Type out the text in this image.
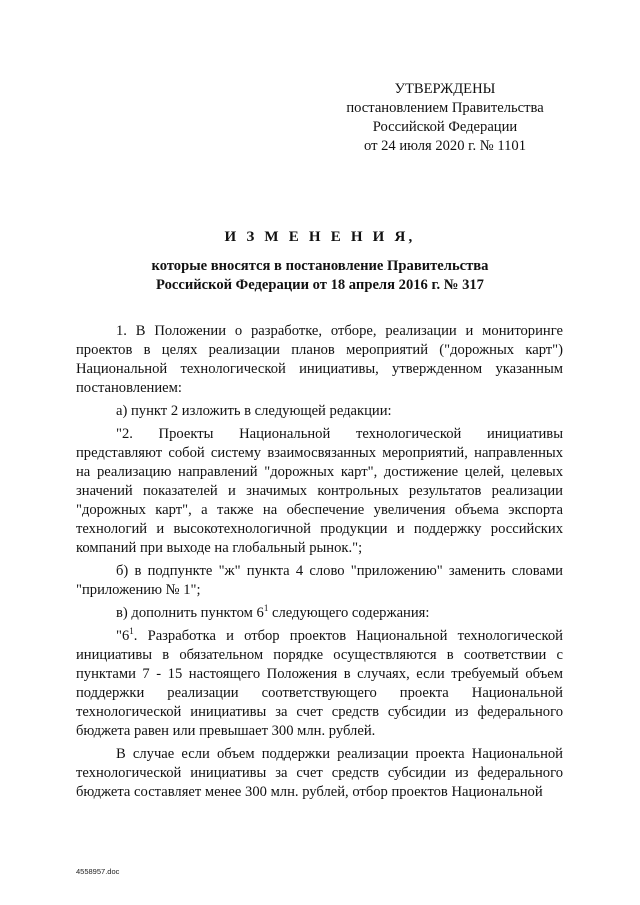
УТВЕРЖДЕНЫ
постановлением Правительства
Российской Федерации
от 24 июля 2020 г. № 1101
И З М Е Н Е Н И Я,
которые вносятся в постановление Правительства
Российской Федерации от 18 апреля 2016 г. № 317

1. В Положении о разработке, отборе, реализации и мониторинге проектов в целях реализации планов мероприятий ("дорожных карт") Национальной технологической инициативы, утвержденном указанным постановлением:

а) пункт 2 изложить в следующей редакции:

"2. Проекты Национальной технологической инициативы представляют собой систему взаимосвязанных мероприятий, направленных на реализацию направлений "дорожных карт", достижение целей, целевых значений показателей и значимых контрольных результатов реализации "дорожных карт", а также на обеспечение увеличения объема экспорта технологий и высокотехнологичной продукции и поддержку российских компаний при выходе на глобальный рынок.";

б) в подпункте "ж" пункта 4 слово "приложению" заменить словами "приложению № 1";

в) дополнить пунктом $6^1$ следующего содержания:

"$6^1$. Разработка и отбор проектов Национальной технологической инициативы в обязательном порядке осуществляются в соответствии с пунктами 7 - 15 настоящего Положения в случаях, если требуемый объем поддержки реализации соответствующего проекта Национальной технологической инициативы за счет средств субсидии из федерального бюджета равен или превышает 300 млн. рублей.

В случае если объем поддержки реализации проекта Национальной технологической инициативы за счет средств субсидии из федерального бюджета составляет менее 300 млн. рублей, отбор проектов Национальной

4558957.doc
